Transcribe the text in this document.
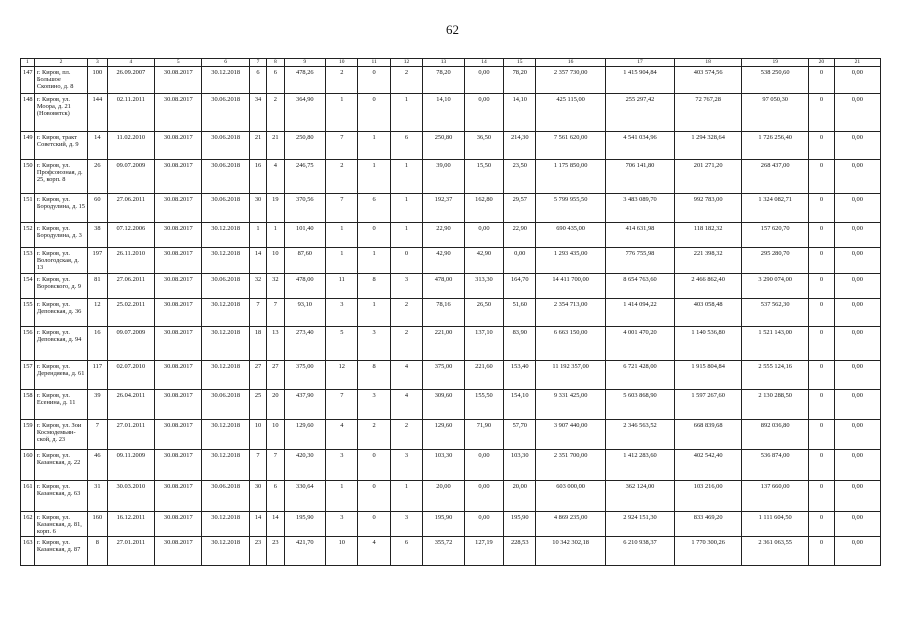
62
1	2	3	4	5	6	7	8	9	10	11	12	13	14	15	16	17	18	19	20	21
147	г. Киров, пл. Большое Скопино, д. 8	100	26.09.2007	30.08.2017	30.12.2018	6	6	478,26	2	0	2	78,20	0,00	78,20	2 357 730,00	1 415 904,84	403 574,56	538 250,60	0	0,00
148	г. Киров, ул. Моора, д. 21 (Нововятск)	144	02.11.2011	30.08.2017	30.06.2018	34	2	364,90	1	0	1	14,10	0,00	14,10	425 115,00	255 297,42	72 767,28	97 050,30	0	0,00
149	г. Киров, тракт Советский, д. 9	14	11.02.2010	30.08.2017	30.06.2018	21	21	250,80	7	1	6	250,80	36,50	214,30	7 561 620,00	4 541 034,96	1 294 328,64	1 726 256,40	0	0,00
150	г. Киров, ул. Профсоюзная, д. 25, корп. 8	26	09.07.2009	30.08.2017	30.06.2018	16	4	246,75	2	1	1	39,00	15,50	23,50	1 175 850,00	706 141,80	201 271,20	268 437,00	0	0,00
151	г. Киров, ул. Бородулина, д. 15	60	27.06.2011	30.08.2017	30.06.2018	30	19	370,56	7	6	1	192,37	162,80	29,57	5 799 955,50	3 483 089,70	992 783,00	1 324 082,71	0	0,00
152	г. Киров, ул. Бородулина, д. 3	38	07.12.2006	30.08.2017	30.12.2018	1	1	101,40	1	0	1	22,90	0,00	22,90	690 435,00	414 631,98	118 182,32	157 620,70	0	0,00
153	г. Киров, ул. Вологодская, д. 13	197	26.11.2010	30.08.2017	30.12.2018	14	10	87,60	1	1	0	42,90	42,90	0,00	1 293 435,00	776 755,98	221 398,32	295 280,70	0	0,00
154	г. Киров, ул. Воровского, д. 9	81	27.06.2011	30.08.2017	30.06.2018	32	32	478,00	11	8	3	478,00	313,30	164,70	14 411 700,00	8 654 763,60	2 466 862,40	3 290 074,00	0	0,00
155	г. Киров, ул. Деповская, д. 36	12	25.02.2011	30.08.2017	30.12.2018	7	7	93,10	3	1	2	78,16	26,50	51,60	2 354 713,00	1 414 094,22	403 058,48	537 562,30	0	0,00
156	г. Киров, ул. Деповская, д. 94	16	09.07.2009	30.08.2017	30.12.2018	18	13	273,40	5	3	2	221,00	137,10	83,90	6 663 150,00	4 001 470,20	1 140 536,80	1 521 143,00	0	0,00
157	г. Киров, ул. Дерендяева, д. 61	117	02.07.2010	30.08.2017	30.12.2018	27	27	375,00	12	8	4	375,00	221,60	153,40	11 192 357,00	6 721 428,00	1 915 804,84	2 555 124,16	0	0,00
158	г. Киров, ул. Есенина, д. 11	39	26.04.2011	30.08.2017	30.06.2018	25	20	437,90	7	3	4	309,60	155,50	154,10	9 331 425,00	5 603 868,90	1 597 267,60	2 130 288,50	0	0,00
159	г. Киров, ул. Зои Космодемьян-ской, д. 23	7	27.01.2011	30.08.2017	30.12.2018	10	10	129,60	4	2	2	129,60	71,90	57,70	3 907 440,00	2 346 563,52	668 839,68	892 036,80	0	0,00
160	г. Киров, ул. Казанская, д. 22	46	09.11.2009	30.08.2017	30.12.2018	7	7	420,30	3	0	3	103,30	0,00	103,30	2 351 700,00	1 412 283,60	402 542,40	536 874,00	0	0,00
161	г. Киров, ул. Казанская, д. 63	31	30.03.2010	30.08.2017	30.06.2018	30	6	330,64	1	0	1	20,00	0,00	20,00	603 000,00	362 124,00	103 216,00	137 660,00	0	0,00
162	г. Киров, ул. Казанская, д. 81, корп. 6	160	16.12.2011	30.08.2017	30.12.2018	14	14	195,90	3	0	3	195,90	0,00	195,90	4 869 235,00	2 924 151,30	833 469,20	1 111 604,50	0	0,00
163	г. Киров, ул. Казанская, д. 87	8	27.01.2011	30.08.2017	30.12.2018	23	23	421,70	10	4	6	355,72	127,19	228,53	10 342 302,18	6 210 938,37	1 770 300,26	2 361 063,55	0	0,00
